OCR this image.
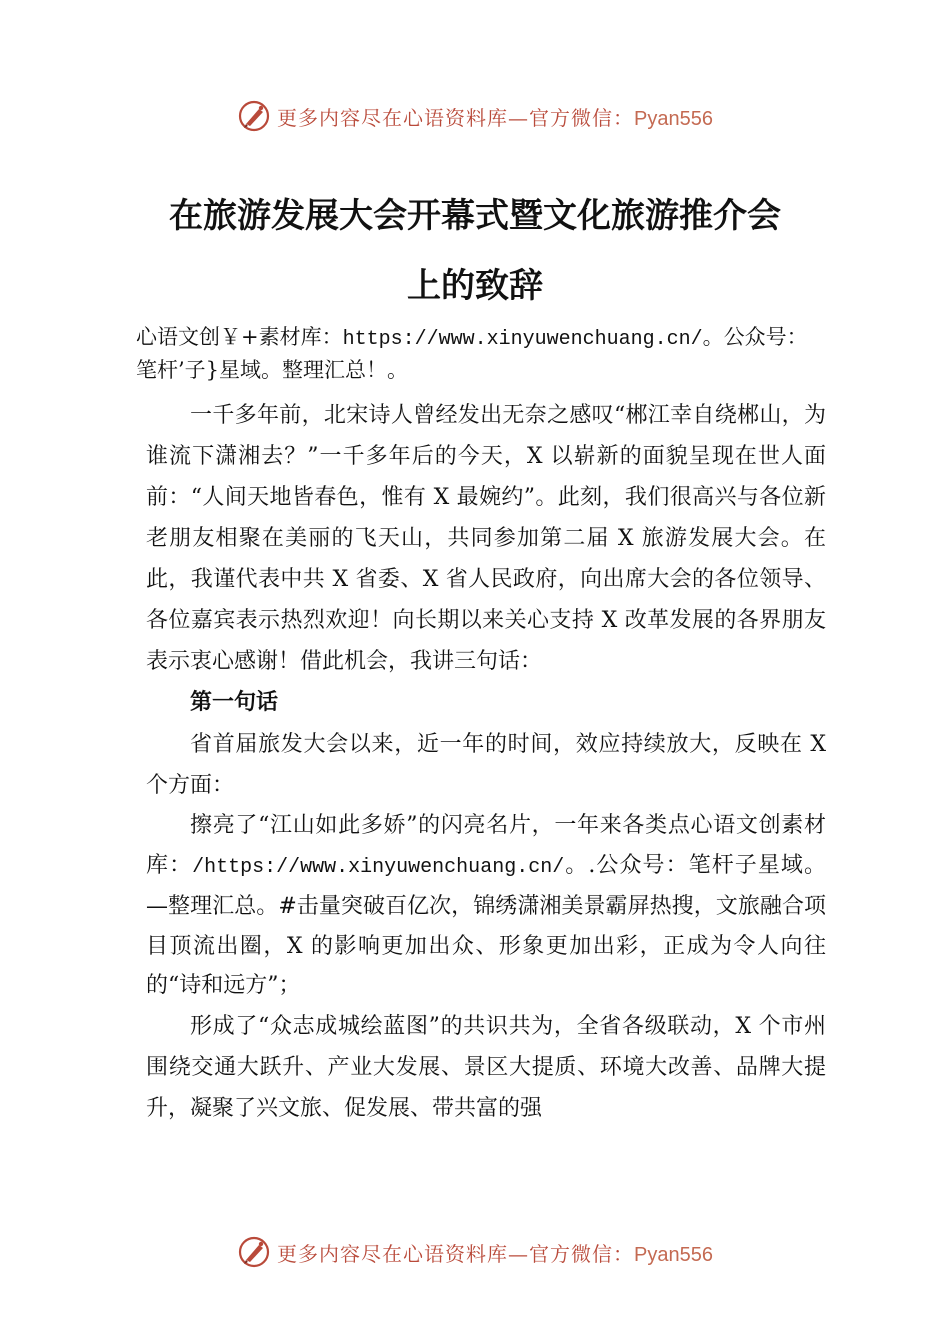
更多内容尽在心语资料库—官方微信：Pyan556
在旅游发展大会开幕式暨文化旅游推介会
上的致辞

心语文创￥+素材库：https://www.xinyuwenchuang.cn/。公众号：笔杆’子}星域。整理汇总！。

一千多年前，北宋诗人曾经发出无奈之感叹“郴江幸自绕郴山，为谁流下潇湘去？”一千多年后的今天，X 以崭新的面貌呈现在世人面前：“人间天地皆春色，惟有 X 最婉约”。此刻，我们很高兴与各位新老朋友相聚在美丽的飞天山，共同参加第二届 X 旅游发展大会。在此，我谨代表中共 X 省委、X 省人民政府，向出席大会的各位领导、各位嘉宾表示热烈欢迎！向长期以来关心支持 X 改革发展的各界朋友表示衷心感谢！借此机会，我讲三句话：

第一句话

省首届旅发大会以来，近一年的时间，效应持续放大，反映在 X 个方面：

擦亮了“江山如此多娇”的闪亮名片，一年来各类点心语文创素材库：/https://www.xinyuwenchuang.cn/。.公众号：笔杆子星域。—整理汇总。#击量突破百亿次，锦绣潇湘美景霸屏热搜，文旅融合项目顶流出圈，X 的影响更加出众、形象更加出彩，正成为令人向往的“诗和远方”；

形成了“众志成城绘蓝图”的共识共为，全省各级联动，X 个市州围绕交通大跃升、产业大发展、景区大提质、环境大改善、品牌大提升，凝聚了兴文旅、促发展、带共富的强

更多内容尽在心语资料库—官方微信：Pyan556
